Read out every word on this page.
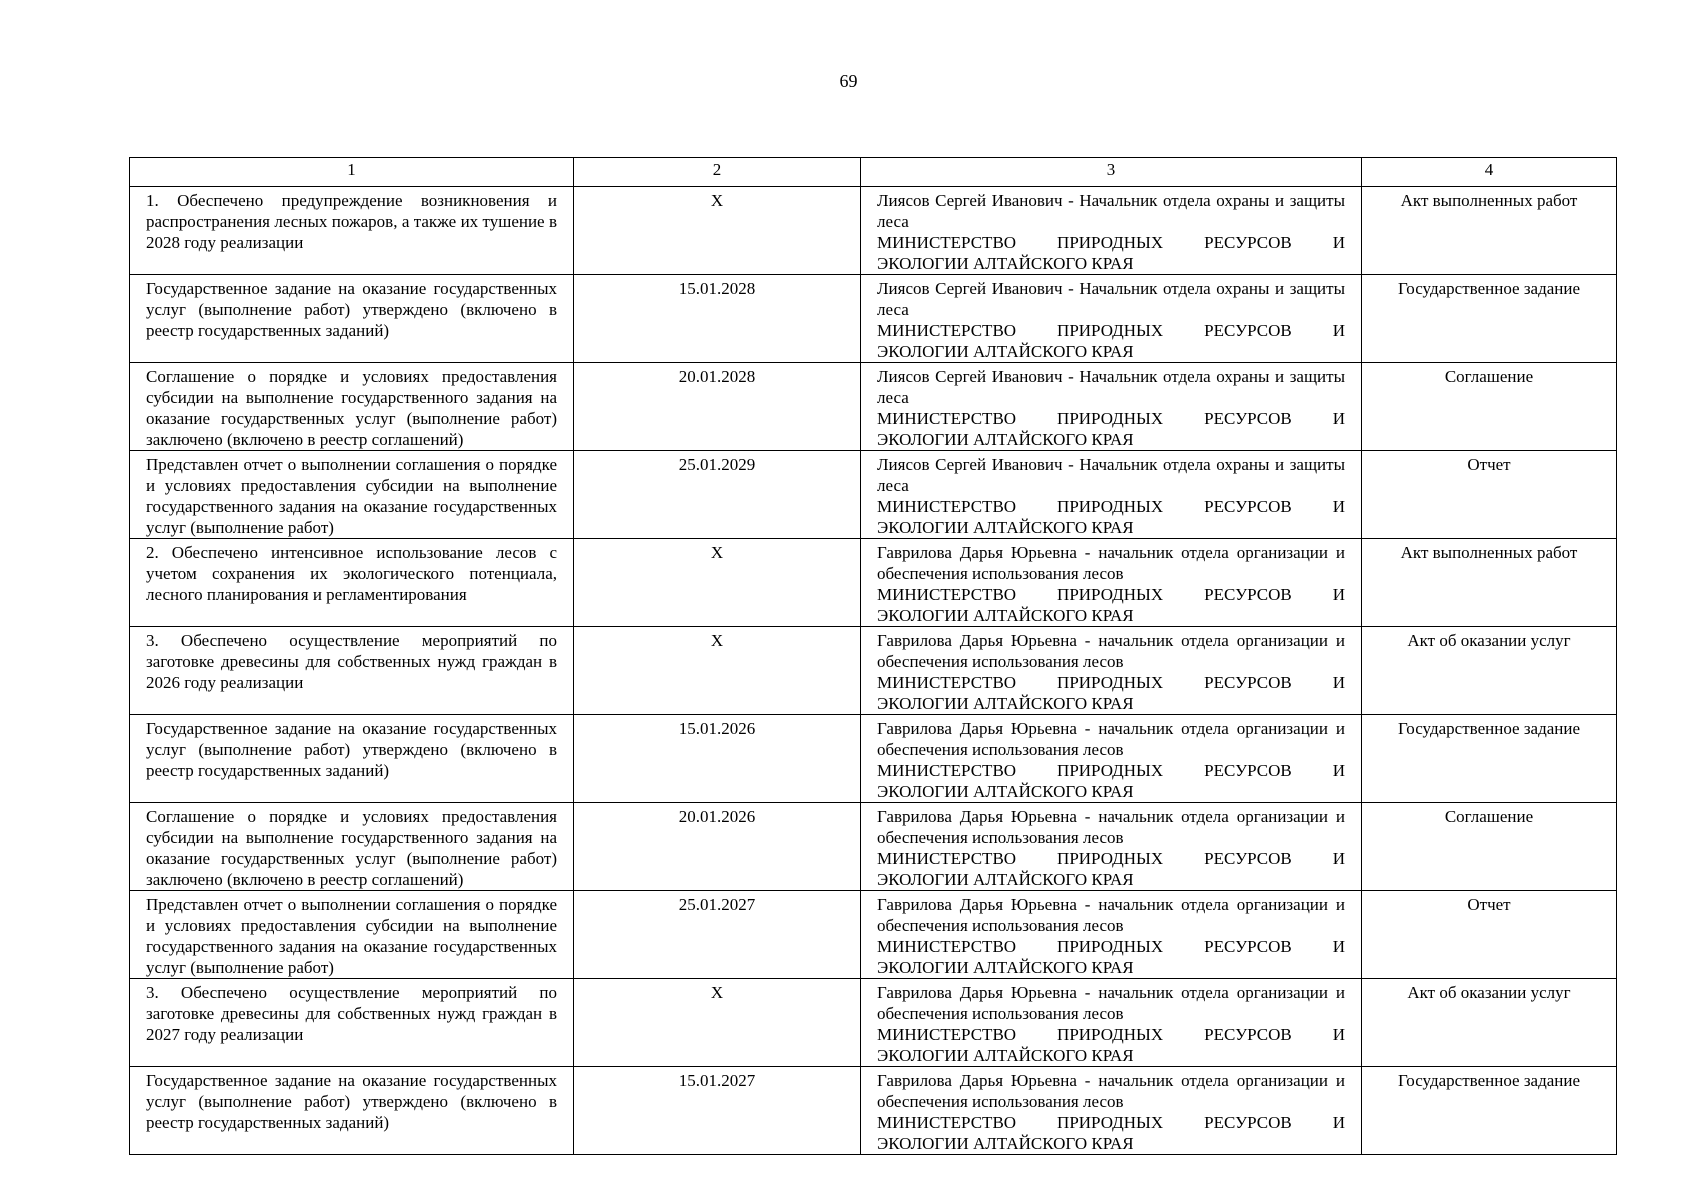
69
1	2	3	4
1. Обеспечено предупреждение возникновения и распространения лесных пожаров, а также их тушение в 2028 году реализации	X	Лиясов Сергей Иванович - Начальник отдела охраны и защиты леса
МИНИСТЕРСТВО ПРИРОДНЫХ РЕСУРСОВ И
ЭКОЛОГИИ АЛТАЙСКОГО КРАЯ	Акт выполненных работ
Государственное задание на оказание государственных услуг (выполнение работ) утверждено (включено в реестр государственных заданий)	15.01.2028	Лиясов Сергей Иванович - Начальник отдела охраны и защиты леса
МИНИСТЕРСТВО ПРИРОДНЫХ РЕСУРСОВ И
ЭКОЛОГИИ АЛТАЙСКОГО КРАЯ	Государственное задание
Соглашение о порядке и условиях предоставления субсидии на выполнение государственного задания на оказание государственных услуг (выполнение работ) заключено (включено в реестр соглашений)	20.01.2028	Лиясов Сергей Иванович - Начальник отдела охраны и защиты леса
МИНИСТЕРСТВО ПРИРОДНЫХ РЕСУРСОВ И
ЭКОЛОГИИ АЛТАЙСКОГО КРАЯ	Соглашение
Представлен отчет о выполнении соглашения о порядке и условиях предоставления субсидии на выполнение государственного задания на оказание государственных услуг (выполнение работ)	25.01.2029	Лиясов Сергей Иванович - Начальник отдела охраны и защиты леса
МИНИСТЕРСТВО ПРИРОДНЫХ РЕСУРСОВ И
ЭКОЛОГИИ АЛТАЙСКОГО КРАЯ	Отчет
2. Обеспечено интенсивное использование лесов с учетом сохранения их экологического потенциала, лесного планирования и регламентирования	X	Гаврилова Дарья Юрьевна - начальник отдела организации и обеспечения использования лесов
МИНИСТЕРСТВО ПРИРОДНЫХ РЕСУРСОВ И
ЭКОЛОГИИ АЛТАЙСКОГО КРАЯ	Акт выполненных работ
3. Обеспечено осуществление мероприятий по заготовке древесины для собственных нужд граждан в 2026 году реализации	X	Гаврилова Дарья Юрьевна - начальник отдела организации и обеспечения использования лесов
МИНИСТЕРСТВО ПРИРОДНЫХ РЕСУРСОВ И
ЭКОЛОГИИ АЛТАЙСКОГО КРАЯ	Акт об оказании услуг
Государственное задание на оказание государственных услуг (выполнение работ) утверждено (включено в реестр государственных заданий)	15.01.2026	Гаврилова Дарья Юрьевна - начальник отдела организации и обеспечения использования лесов
МИНИСТЕРСТВО ПРИРОДНЫХ РЕСУРСОВ И
ЭКОЛОГИИ АЛТАЙСКОГО КРАЯ	Государственное задание
Соглашение о порядке и условиях предоставления субсидии на выполнение государственного задания на оказание государственных услуг (выполнение работ) заключено (включено в реестр соглашений)	20.01.2026	Гаврилова Дарья Юрьевна - начальник отдела организации и обеспечения использования лесов
МИНИСТЕРСТВО ПРИРОДНЫХ РЕСУРСОВ И
ЭКОЛОГИИ АЛТАЙСКОГО КРАЯ	Соглашение
Представлен отчет о выполнении соглашения о порядке и условиях предоставления субсидии на выполнение государственного задания на оказание государственных услуг (выполнение работ)	25.01.2027	Гаврилова Дарья Юрьевна - начальник отдела организации и обеспечения использования лесов
МИНИСТЕРСТВО ПРИРОДНЫХ РЕСУРСОВ И
ЭКОЛОГИИ АЛТАЙСКОГО КРАЯ	Отчет
3. Обеспечено осуществление мероприятий по заготовке древесины для собственных нужд граждан в 2027 году реализации	X	Гаврилова Дарья Юрьевна - начальник отдела организации и обеспечения использования лесов
МИНИСТЕРСТВО ПРИРОДНЫХ РЕСУРСОВ И
ЭКОЛОГИИ АЛТАЙСКОГО КРАЯ	Акт об оказании услуг
Государственное задание на оказание государственных услуг (выполнение работ) утверждено (включено в реестр государственных заданий)	15.01.2027	Гаврилова Дарья Юрьевна - начальник отдела организации и обеспечения использования лесов
МИНИСТЕРСТВО ПРИРОДНЫХ РЕСУРСОВ И
ЭКОЛОГИИ АЛТАЙСКОГО КРАЯ	Государственное задание
